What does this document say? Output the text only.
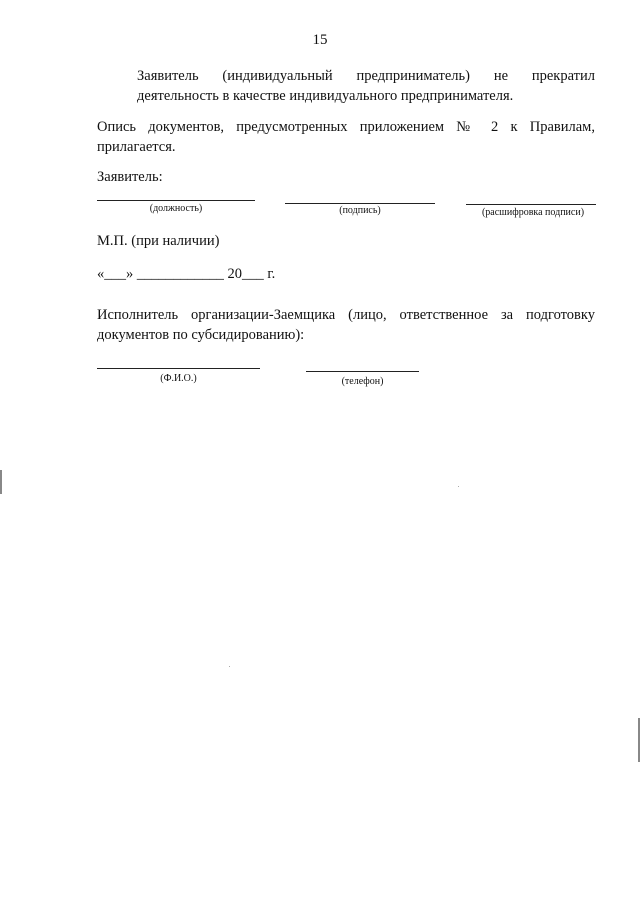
15
Заявитель (индивидуальный предприниматель) не прекратил
деятельность в качестве индивидуального предпринимателя.
Опись документов, предусмотренных приложением № 2 к Правилам,
прилагается.
Заявитель:
(должность)	(подпись)	(расшифровка подписи)
М.П. (при наличии)
«___» ____________ 20___ г.
Исполнитель организации-Заемщика (лицо, ответственное за подготовку
документов по субсидированию):
(Ф.И.О.)	(телефон)
